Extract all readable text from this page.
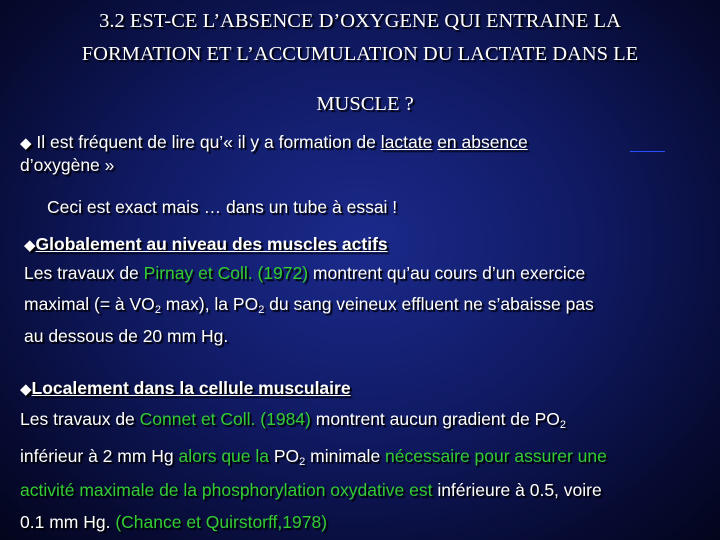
3.2 EST-CE L’ABSENCE D’OXYGENE QUI ENTRAINE LA
FORMATION ET L’ACCUMULATION DU LACTATE DANS LE
MUSCLE ?
◆ Il est fréquent de lire qu’« il y a formation de lactate en absence
d’oxygène »
Ceci est exact mais … dans un tube à essai !
◆Globalement au niveau des muscles actifs
Les travaux de Pirnay et Coll. (1972) montrent qu’au cours d’un exercice
maximal (= à $VO_2$ max), la $PO_2$ du sang veineux effluent ne s’abaisse pas
au dessous de 20 mm Hg.
◆Localement dans la cellule musculaire
Les travaux de Connet et Coll. (1984) montrent aucun gradient de $PO_2$
inférieur à 2 mm Hg alors que la $PO_2$ minimale nécessaire pour assurer une
activité maximale de la phosphorylation oxydative est inférieure à 0.5, voire
0.1 mm Hg. (Chance et Quirstorff,1978)
